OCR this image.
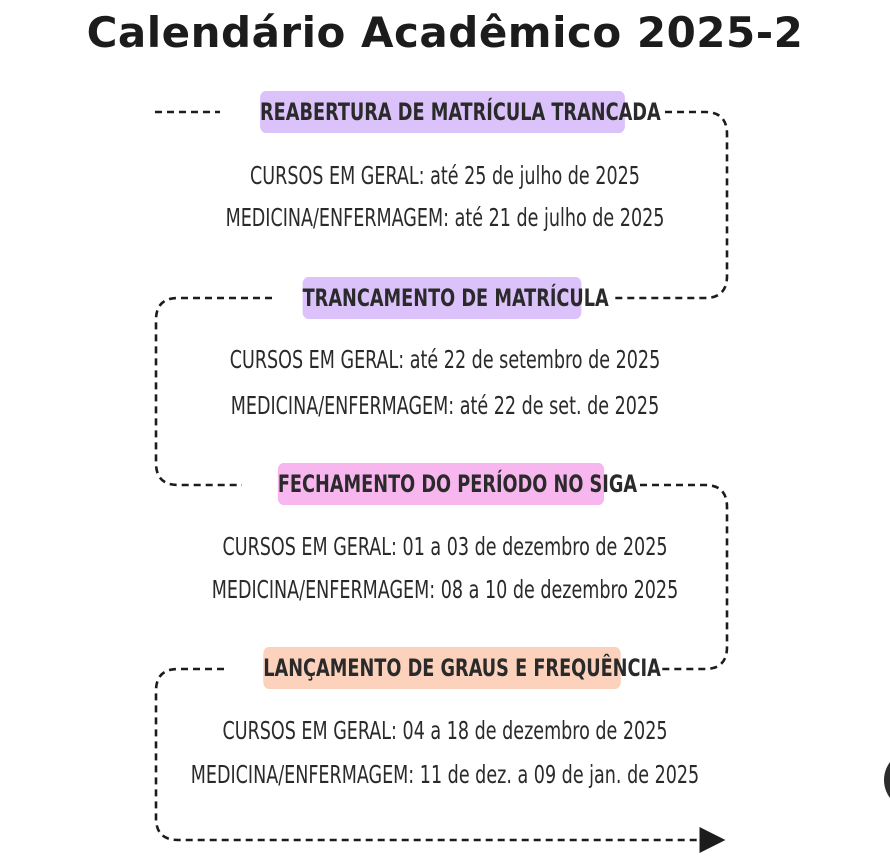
Calendário Acadêmico 2025-2
REABERTURA DE MATRÍCULA TRANCADA
CURSOS EM GERAL: até 25 de julho de 2025
MEDICINA/ENFERMAGEM: até 21 de julho de 2025
TRANCAMENTO DE MATRÍCULA
CURSOS EM GERAL: até 22 de setembro de 2025
MEDICINA/ENFERMAGEM: até 22 de set. de 2025
FECHAMENTO DO PERÍODO NO SIGA
CURSOS EM GERAL: 01 a 03 de dezembro de 2025
MEDICINA/ENFERMAGEM: 08 a 10 de dezembro 2025
LANÇAMENTO DE GRAUS E FREQUÊNCIA
CURSOS EM GERAL: 04 a 18 de dezembro de 2025
MEDICINA/ENFERMAGEM: 11 de dez. a 09 de jan. de 2025
